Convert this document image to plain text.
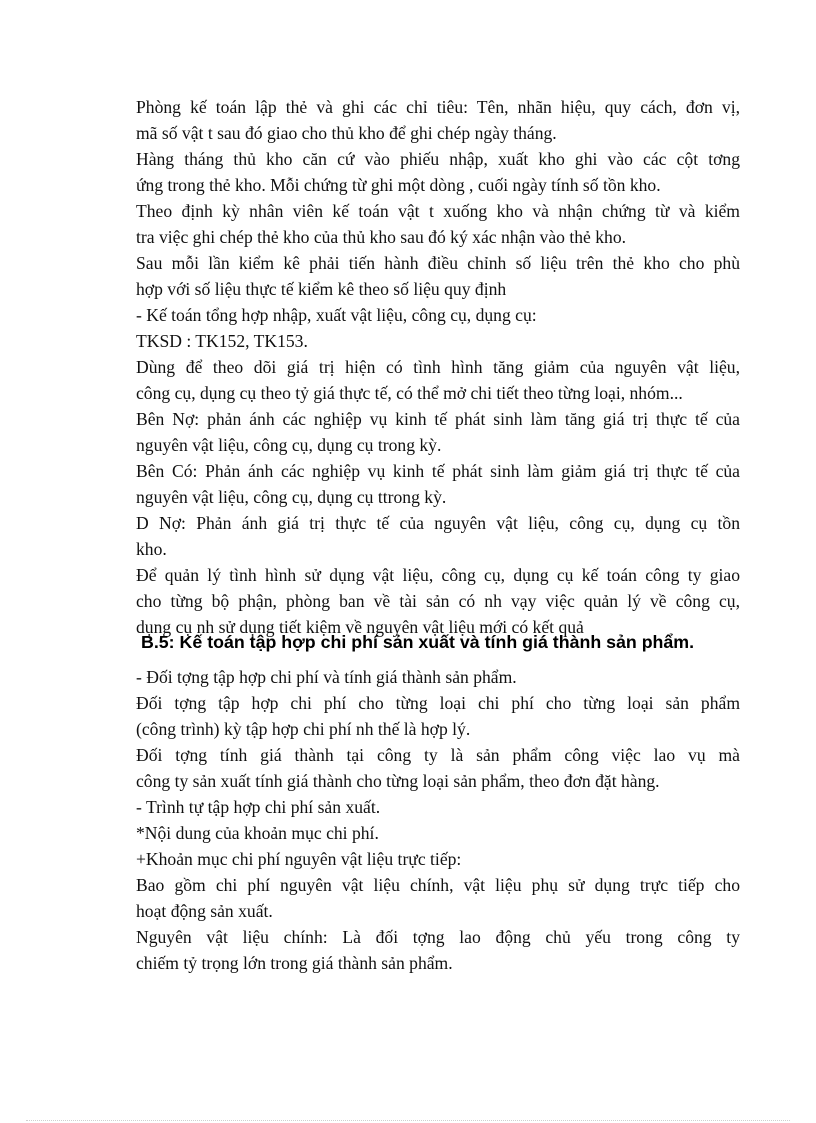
Phòng kế toán lập thẻ và ghi các chỉ tiêu: Tên, nhãn hiệu, quy cách, đơn vị,
mã số vật t sau đó giao cho thủ kho để ghi chép ngày tháng.
Hàng tháng thủ kho căn cứ vào phiếu nhập, xuất kho ghi vào các cột tơng
ứng trong thẻ kho. Mỗi chứng từ ghi một dòng , cuối ngày tính số tồn kho.
Theo định kỳ nhân viên kế toán vật t xuống kho và nhận chứng từ và kiểm
tra việc ghi chép thẻ kho của thủ kho sau đó ký xác nhận vào thẻ kho.
Sau mỗi lần kiểm kê phải tiến hành điều chỉnh số liệu trên thẻ kho cho phù
hợp với số liệu thực tế kiểm kê theo số liệu quy định
- Kế toán tổng hợp nhập, xuất vật liệu, công cụ, dụng cụ:
TKSD : TK152, TK153.
Dùng để theo dõi giá trị hiện có tình hình tăng giảm của nguyên vật liệu,
công cụ, dụng cụ theo tỷ giá thực tế, có thể mở chi tiết theo từng loại, nhóm...
Bên Nợ: phản ánh các nghiệp vụ kinh tế phát sinh làm tăng giá trị thực tế của
nguyên vật liệu, công cụ, dụng cụ trong kỳ.
Bên Có: Phản ánh các nghiệp vụ kinh tế phát sinh làm giảm giá trị thực tế của
nguyên vật liệu, công cụ, dụng cụ ttrong kỳ.
D Nợ: Phản ánh giá trị thực tế của nguyên vật liệu, công cụ, dụng cụ tồn
kho.
Để quản lý tình hình sử dụng vật liệu, công cụ, dụng cụ kế toán công ty giao
cho từng bộ phận, phòng ban về tài sản có nh vạy việc quản lý về công cụ,
dụng cụ nh sử dụng tiết kiệm về nguyên vật liệu mới có kết quả
B.5: Kế toán tập hợp chi phí sản xuất và tính giá thành sản phẩm.
- Đối tợng tập hợp chi phí và tính giá thành sản phẩm.
Đối tợng tập hợp chi phí cho từng loại chi phí cho từng loại sản phẩm
(công trình) kỳ tập hợp chi phí nh thế là hợp lý.
Đối tợng tính giá thành tại công ty là sản phẩm công việc lao vụ mà
công ty sản xuất tính giá thành cho từng loại sản phẩm, theo đơn đặt hàng.
- Trình tự tập hợp chi phí sản xuất.
*Nội dung của khoản mục chi phí.
+Khoản mục chi phí nguyên vật liệu trực tiếp:
Bao gồm chi phí nguyên vật liệu chính, vật liệu phụ sử dụng trực tiếp cho
hoạt động sản xuất.
Nguyên vật liệu chính: Là đối tợng lao động chủ yếu trong công ty
chiếm tỷ trọng lớn trong giá thành sản phẩm.
